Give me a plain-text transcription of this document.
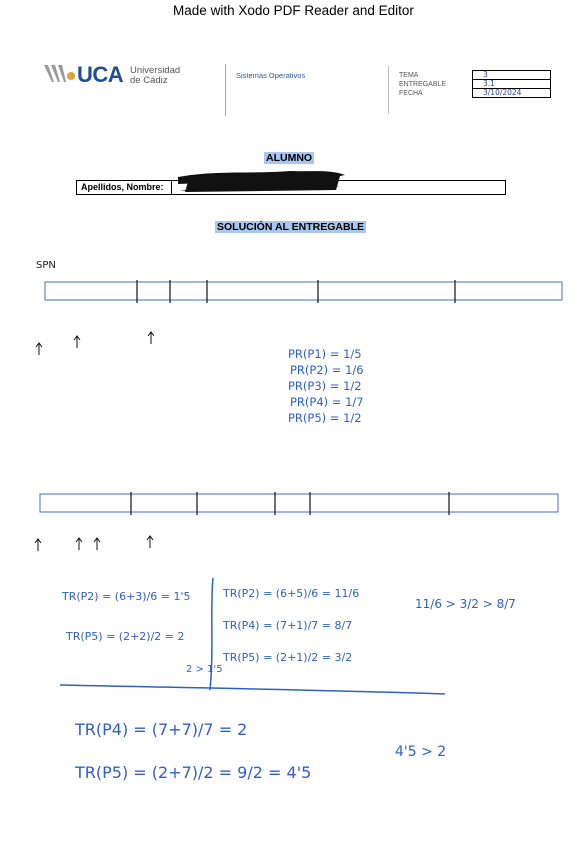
Made with Xodo PDF Reader and Editor
UCA Universidad
de Cádiz	Sistemas Operativos	TEMA
ENTREGABLE
FECHA
3
3.1
3/10/2024
ALUMNO
Apellidos, Nombre:
SOLUCIÓN AL ENTREGABLE
SPN
PR(P1) = 1/5
PR(P2) = 1/6
PR(P3) = 1/2
PR(P4) = 1/7
PR(P5) = 1/2
TR(P2) = (6+3)/6 = 1'5
TR(P5) = (2+2)/2 = 2
2 > 1'5
TR(P2) = (6+5)/6 = 11/6
TR(P4) = (7+1)/7 = 8/7
TR(P5) = (2+1)/2 = 3/2
11/6 > 3/2 > 8/7
TR(P4) = (7+7)/7 = 2
TR(P5) = (2+7)/2 = 9/2 = 4'5
4'5 > 2
